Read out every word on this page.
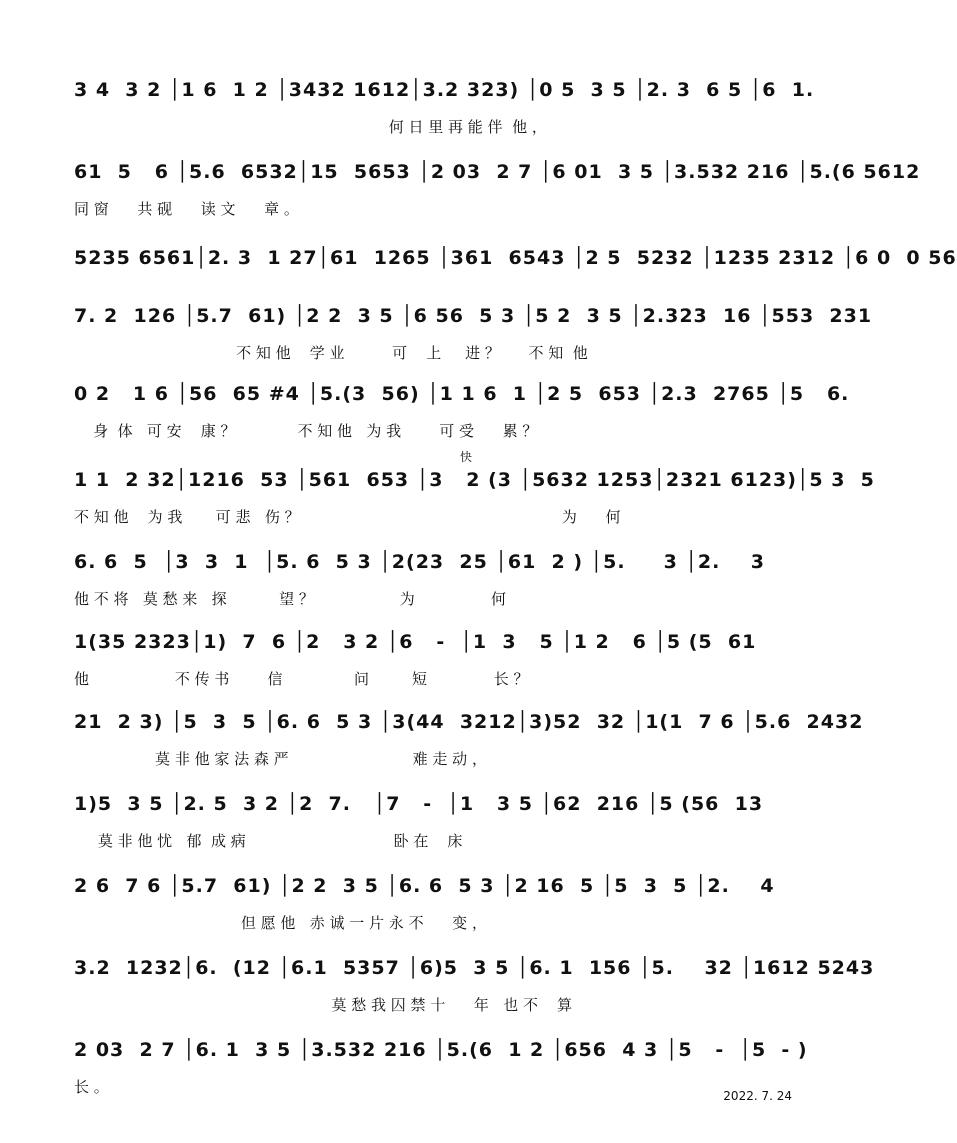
3 4  3 2 │1 6  1 2 │3432 1612│3.2 323) │0 5  3 5 │2. 3  6 5 │6  1.
何 日 里 再 能 伴  他 ，
61  5   6 │5.6  6532│15  5653 │2 03  2 7 │6 01  3 5 │3.532 216 │5.(6 5612
同 窗      共 砚      读 文      章 。
5235 6561│2. 3  1 27│61  1265 │361  6543 │2 5  5232 │1235 2312 │6 0  0 56
7. 2  126 │5.7  61) │2 2  3 5 │6 56  5 3 │5 2  3 5 │2.323  16 │553  231
不 知 他    学 业          可    上     进 ？      不 知  他
0 2   1 6 │56  65 #4 │5.(3  56) │1 1 6  1 │2 5  653 │2.3  2765 │5   6.
身  体   可 安    康 ？             不 知 他   为 我        可 受      累 ？
快
1 1  2 32│1216  53 │561  653 │3   2 (3 │5632 1253│2321 6123)│5 3  5
不 知 他    为 我       可 悲   伤 ？                                                       为      何
6. 6  5  │3  3  1  │5. 6  5 3 │2(23  25 │61  2 ) │5.     3 │2.    3
他 不 将   莫 愁 来   探           望 ？                  为                何
1(35 2323│1)  7  6 │2   3 2 │6   -  │1  3   5 │1 2   6 │5 (5  61
他                  不 传 书        信               问         短              长 ？
21  2 3) │5  3  5 │6. 6  5 3 │3(44  3212│3)52  32 │1(1  7 6 │5.6  2432
莫 非 他 家 法 森 严                          难 走 动 ，
1)5  3 5 │2. 5  3 2 │2  7.   │7   -  │1   3 5 │62  216 │5 (56  13
莫 非 他 忧   郁  成 病                               卧 在    床
2 6  7 6 │5.7  61) │2 2  3 5 │6. 6  5 3 │2 16  5 │5  3  5 │2.    4
但 愿 他   赤 诚 一 片 永 不      变 ，
3.2  1232│6.  (12 │6.1  5357 │6)5  3 5 │6. 1  156 │5.    32 │1612 5243
莫 愁 我 囚 禁 十      年   也 不    算
2 03  2 7 │6. 1  3 5 │3.532 216 │5.(6  1 2 │656  4 3 │5   -  │5  - )
长 。	2022. 7. 24
